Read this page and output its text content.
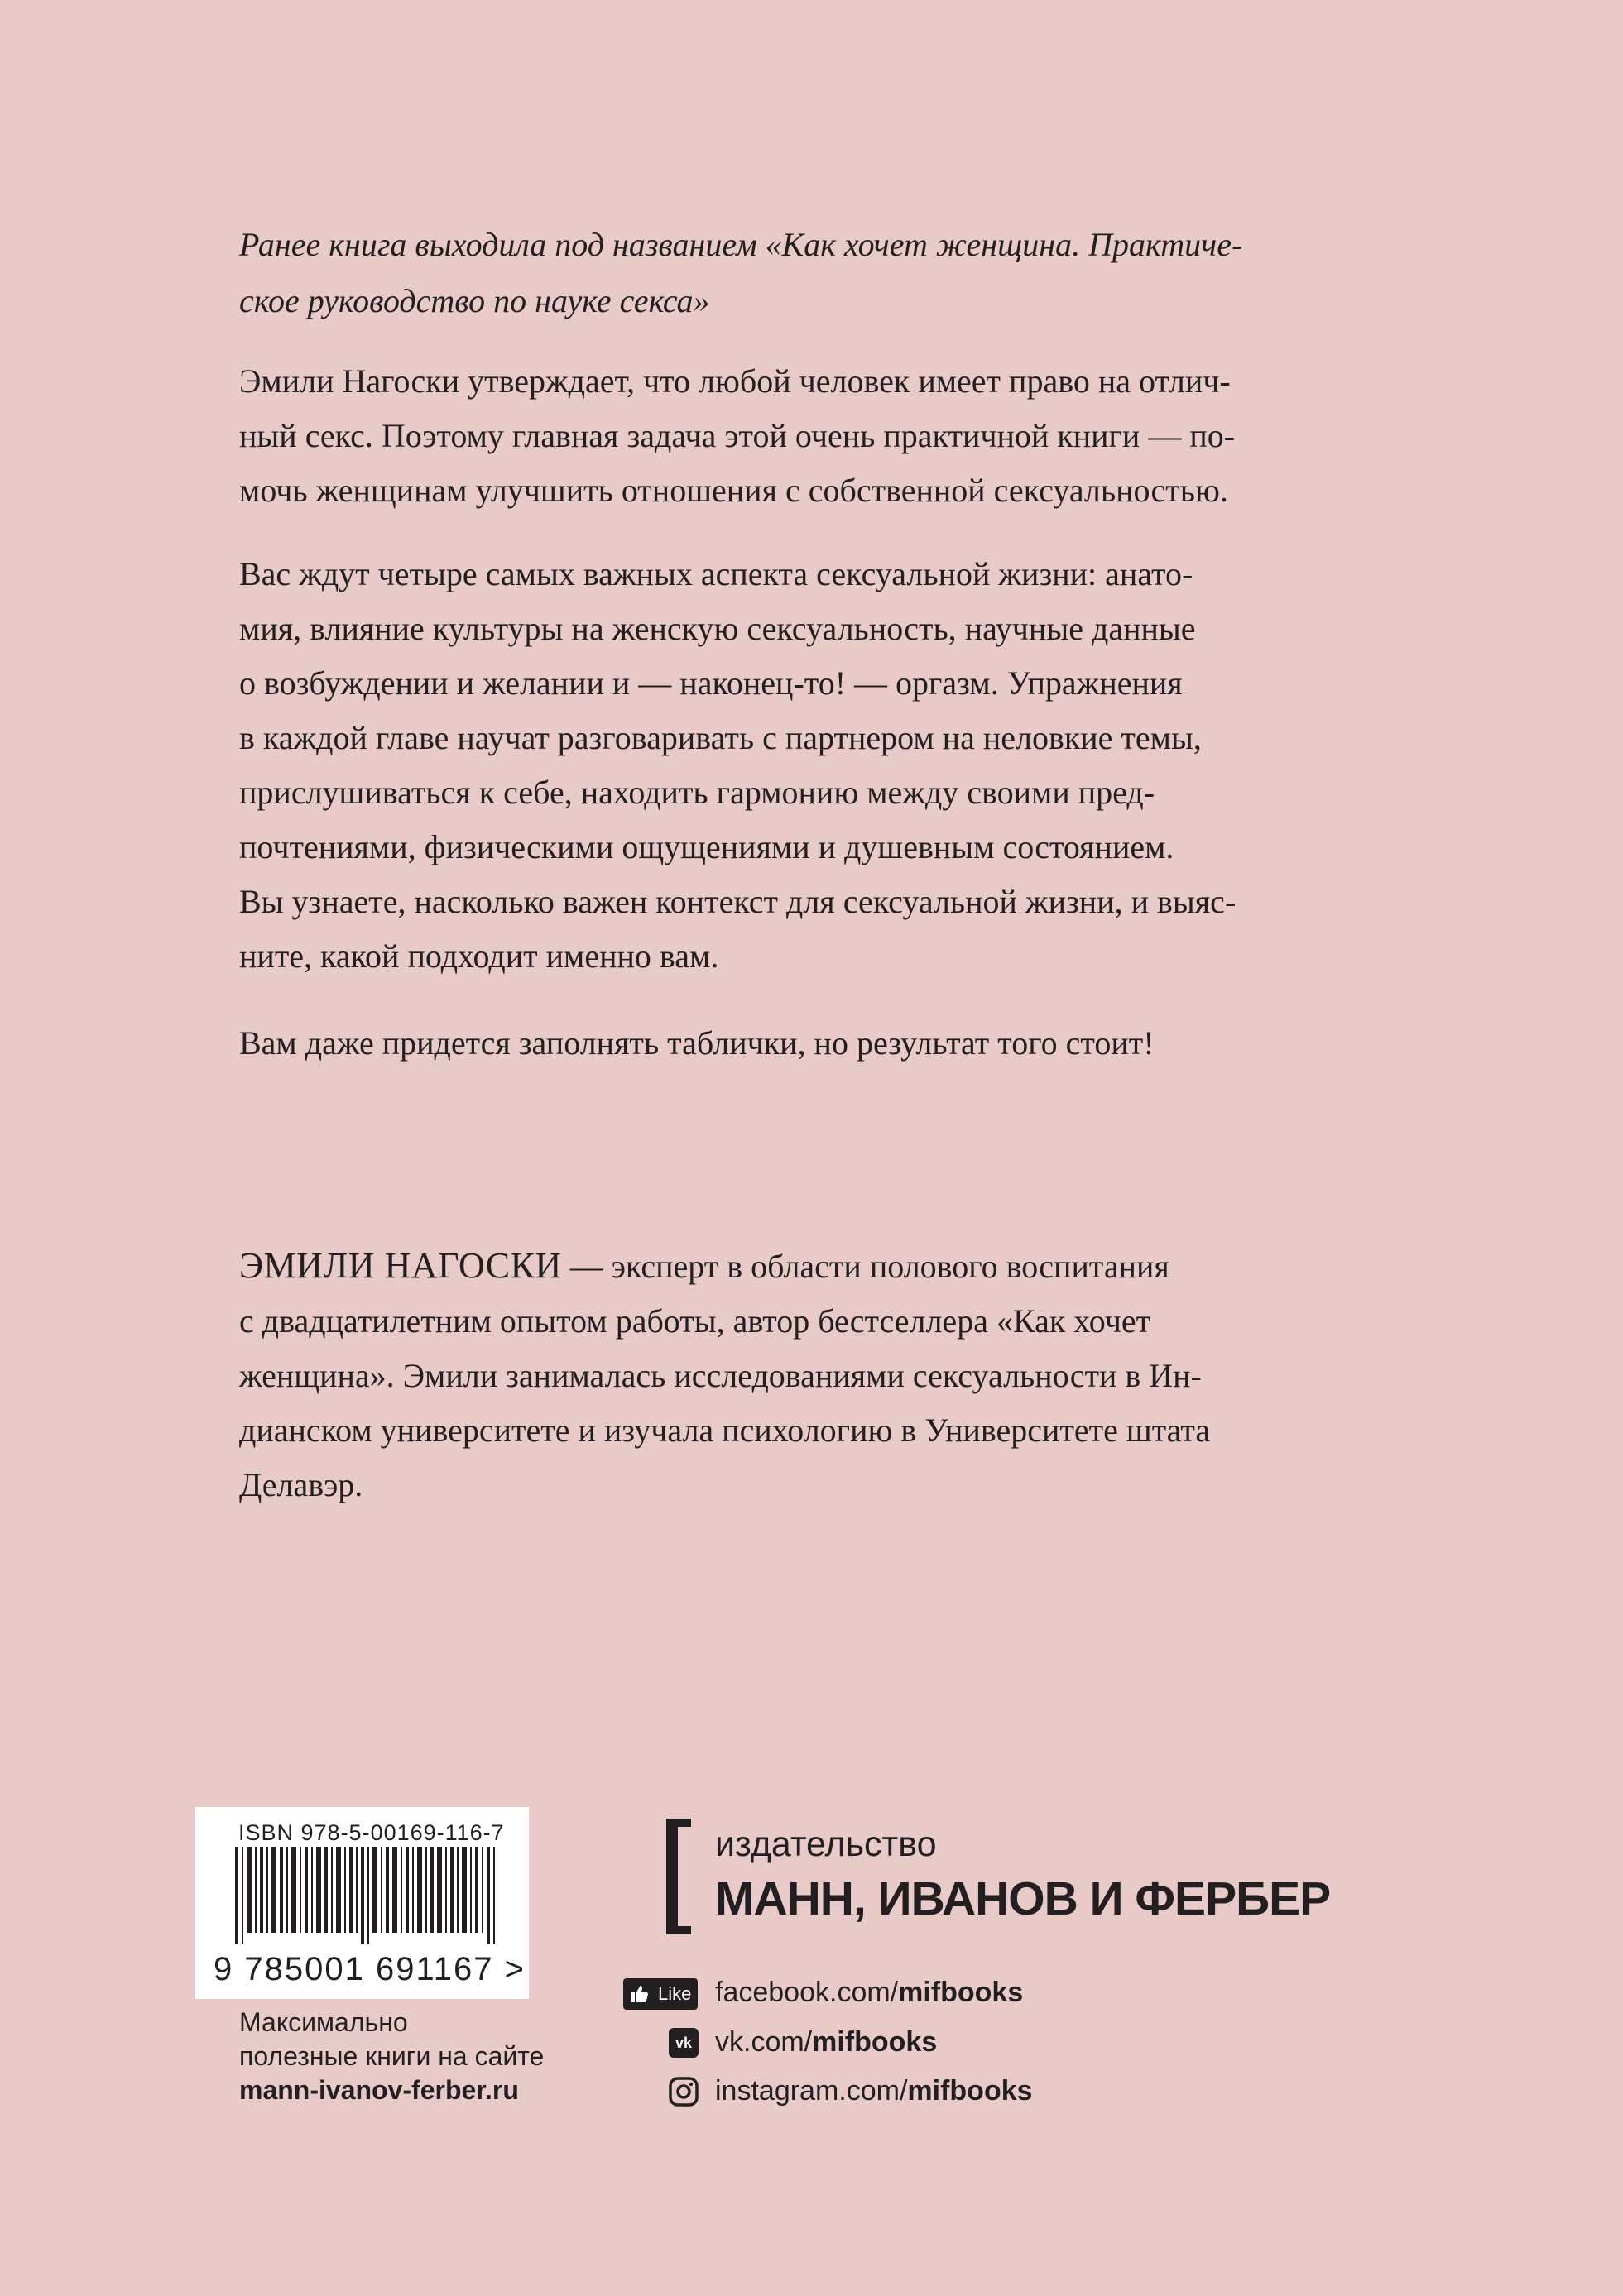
Ранее книга выходила под названием «Как хочет женщина. Практиче-
ское руководство по науке секса»
Эмили Нагоски утверждает, что любой человек имеет право на отлич-
ный секс. Поэтому главная задача этой очень практичной книги — по-
мочь женщинам улучшить отношения с собственной сексуальностью.
Вас ждут четыре самых важных аспекта сексуальной жизни: анато-
мия, влияние культуры на женскую сексуальность, научные данные
о возбуждении и желании и — наконец-то! — оргазм. Упражнения
в каждой главе научат разговаривать с партнером на неловкие темы,
прислушиваться к себе, находить гармонию между своими пред-
почтениями, физическими ощущениями и душевным состоянием.
Вы узнаете, насколько важен контекст для сексуальной жизни, и выяс-
ните, какой подходит именно вам.
Вам даже придется заполнять таблички, но результат того стоит!
ЭМИЛИ НАГОСКИ — эксперт в области полового воспитания
с двадцатилетним опытом работы, автор бестселлера «Как хочет
женщина». Эмили занималась исследованиями сексуальности в Ин-
дианском университете и изучала психологию в Университете штата
Делавэр.
ISBN 978-5-00169-116-7
9 785001 691167 >
Максимально
полезные книги на сайте
mann-ivanov-ferber.ru
издательство
МАНН, ИВАНОВ И ФЕРБЕР
Like facebook.com/mifbooks
vk vk.com/mifbooks
instagram.com/mifbooks
